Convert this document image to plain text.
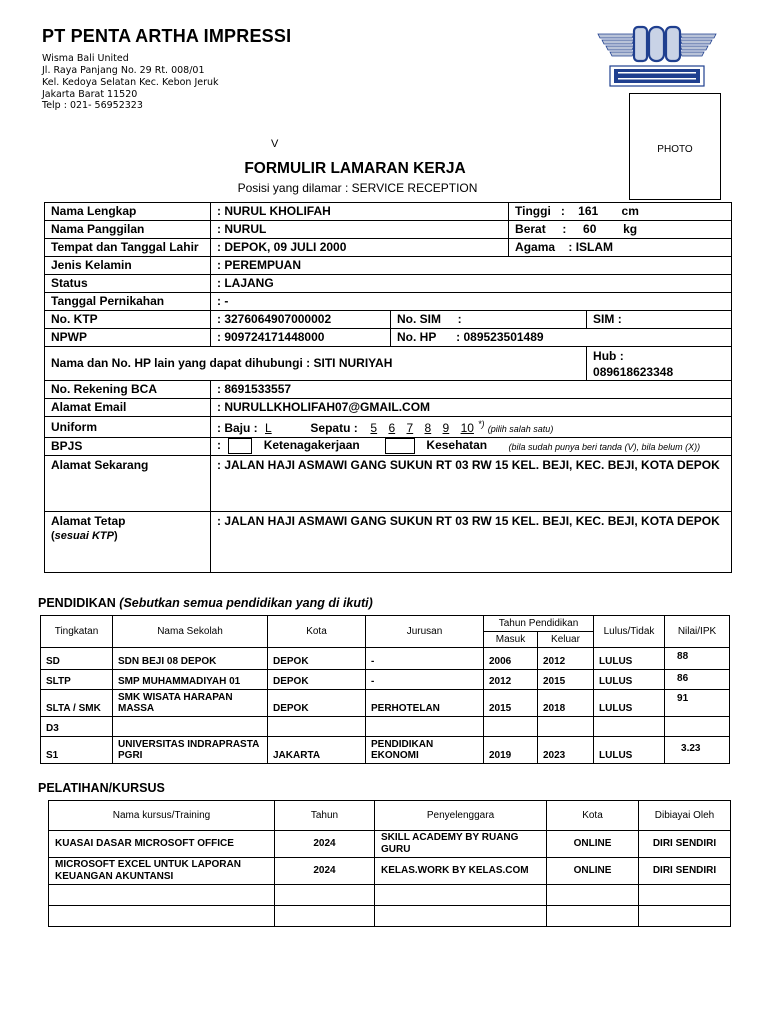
PT PENTA ARTHA IMPRESSI
Wisma Bali United
Jl. Raya Panjang No. 29 Rt. 008/01
Kel. Kedoya Selatan Kec. Kebon Jeruk
Jakarta Barat 11520
Telp : 021- 56952323
PHOTO
V
FORMULIR LAMARAN KERJA
Posisi yang dilamar : SERVICE RECEPTION
Nama Lengkap	: NURUL KHOLIFAH		Tinggi :    161       cm	
Nama Panggilan	: NURUL		Berat :     60        kg	
Tempat dan Tanggal Lahir	: DEPOK, 09 JULI 2000		Agama : ISLAM	
Jenis Kelamin	: PEREMPUAN			
Status	: LAJANG			
Tanggal Pernikahan	: -			
No. KTP	: 3276064907000002	No. SIM :		SIM :
NPWP	: 909724171448000	No. HP : 089523501489		
Nama dan No. HP lain yang dapat dihubungi : SITI NURIYAH				Hub :
089618623348
No. Rekening BCA	: 8691533557			
Alamat Email	: NURULLKHOLIFAH07@GMAIL.COM			
Uniform	: Baju : L Sepatu : 5 6 7 8 9 10 *) (pilih salah satu)			
BPJS	: Ketenagakerjaan Kesehatan (bila sudah punya beri tanda (V), bila belum (X))			
Alamat Sekarang	: JALAN HAJI ASMAWI GANG SUKUN RT 03 RW 15 KEL. BEJI, KEC. BEJI, KOTA DEPOK			

Alamat Tetap
(sesuai KTP)	: JALAN HAJI ASMAWI GANG SUKUN RT 03 RW 15 KEL. BEJI, KEC. BEJI, KOTA DEPOK			
PENDIDIKAN (Sebutkan semua pendidikan yang di ikuti)
Tingkatan	Nama Sekolah	Kota	Jurusan	Tahun Pendidikan		Lulus/Tidak	Nilai/IPK
				Masuk	Keluar		
SD	SDN BEJI 08 DEPOK	DEPOK	-	2006	2012	LULUS	88
SLTP	SMP MUHAMMADIYAH 01	DEPOK	-	2012	2015	LULUS	86
SLTA / SMK	SMK WISATA HARAPAN MASSA	DEPOK	PERHOTELAN	2015	2018	LULUS	91
D3							
S1	UNIVERSITAS INDRAPRASTA PGRI	JAKARTA	PENDIDIKAN EKONOMI	2019	2023	LULUS	3.23
PELATIHAN/KURSUS
Nama kursus/Training	Tahun	Penyelenggara	Kota	Dibiayai Oleh
KUASAI DASAR MICROSOFT OFFICE	2024	SKILL ACADEMY BY RUANG GURU	ONLINE	DIRI SENDIRI
MICROSOFT EXCEL UNTUK LAPORAN KEUANGAN AKUNTANSI	2024	KELAS.WORK BY KELAS.COM	ONLINE	DIRI SENDIRI
